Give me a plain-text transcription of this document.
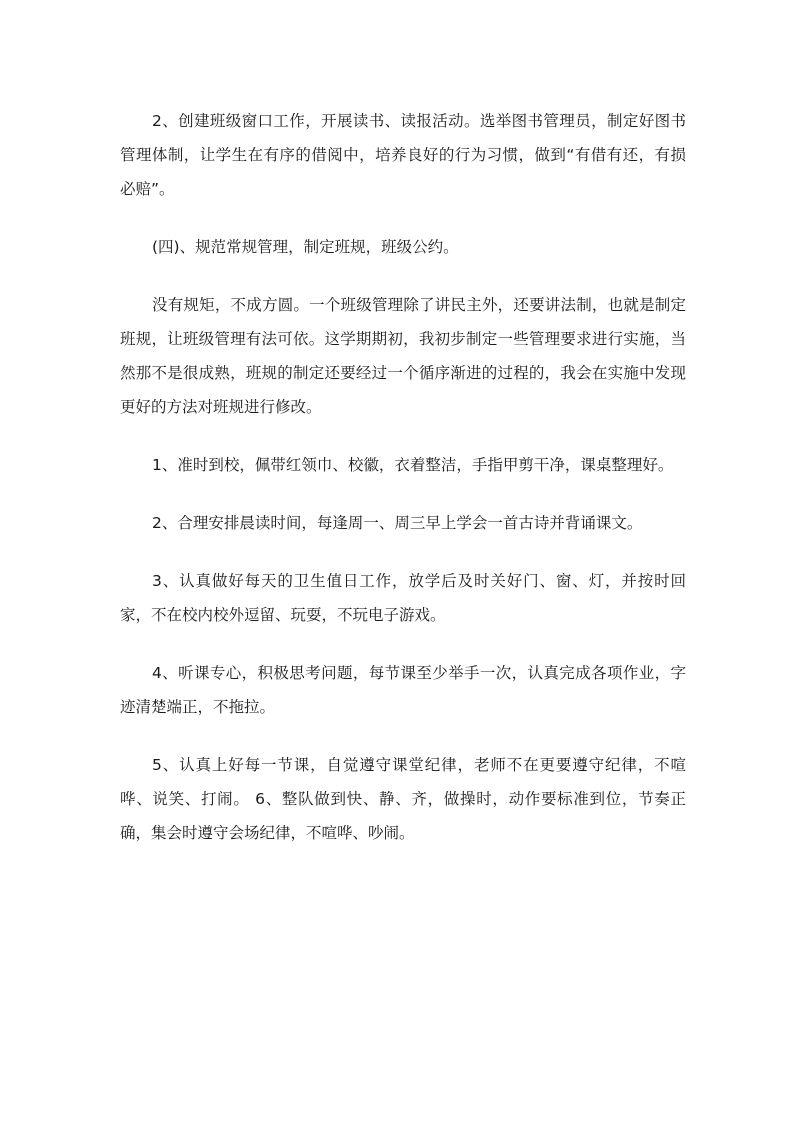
2、创建班级窗口工作，开展读书、读报活动。选举图书管理员，制定好图书管理体制，让学生在有序的借阅中，培养良好的行为习惯，做到“有借有还，有损必赔”。

(四)、规范常规管理，制定班规，班级公约。

没有规矩，不成方圆。一个班级管理除了讲民主外，还要讲法制，也就是制定班规，让班级管理有法可依。这学期期初，我初步制定一些管理要求进行实施，当然那不是很成熟，班规的制定还要经过一个循序渐进的过程的，我会在实施中发现更好的方法对班规进行修改。

1、准时到校，佩带红领巾、校徽，衣着整洁，手指甲剪干净，课桌整理好。

2、合理安排晨读时间，每逢周一、周三早上学会一首古诗并背诵课文。

3、认真做好每天的卫生值日工作，放学后及时关好门、窗、灯，并按时回家，不在校内校外逗留、玩耍，不玩电子游戏。

4、听课专心，积极思考问题，每节课至少举手一次，认真完成各项作业，字迹清楚端正，不拖拉。

5、认真上好每一节课，自觉遵守课堂纪律，老师不在更要遵守纪律，不喧哗、说笑、打闹。 6、整队做到快、静、齐，做操时，动作要标准到位，节奏正确，集会时遵守会场纪律，不喧哗、吵闹。
